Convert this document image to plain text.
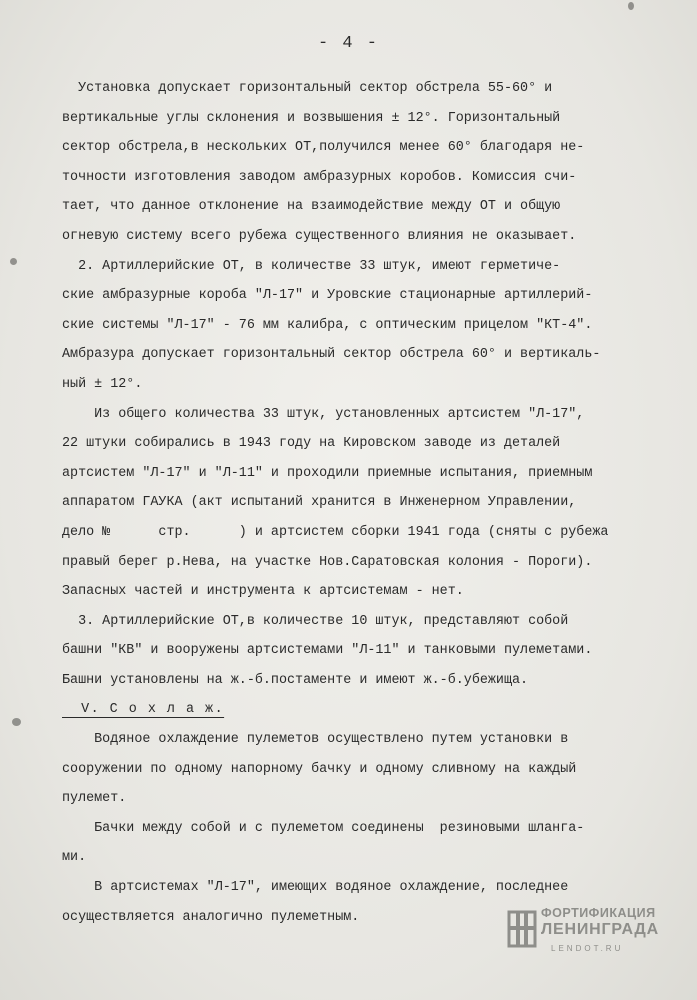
- 4 -
Установка допускает горизонтальный сектор обстрела 55-60° и
вертикальные углы склонения и возвышения ± 12°. Горизонтальный
сектор обстрела,в нескольких ОТ,получился менее 60° благодаря не-
точности изготовления заводом амбразурных коробов. Комиссия счи-
тает, что данное отклонение на взаимодействие между ОТ и общую
огневую систему всего рубежа существенного влияния не оказывает.
2. Артиллерийские ОТ, в количестве 33 штук, имеют герметиче-
ские амбразурные короба "Л-17" и Уровские стационарные артиллерий-
ские системы "Л-17" - 76 мм калибра, с оптическим прицелом "КТ-4".
Амбразура допускает горизонтальный сектор обстрела 60° и вертикаль-
ный ± 12°.
Из общего количества 33 штук, установленных артсистем "Л-17",
22 штуки собирались в 1943 году на Кировском заводе из деталей
артсистем "Л-17" и "Л-11" и проходили приемные испытания, приемным
аппаратом ГАУКА (акт испытаний хранится в Инженерном Управлении,
дело №      стр.      ) и артсистем сборки 1941 года (сняты с рубежа
правый берег р.Нева, на участке Нов.Саратовская колония - Пороги).
Запасных частей и инструмента к артсистемам - нет.
3. Артиллерийские ОТ,в количестве 10 штук, представляют собой
башни "КВ" и вооружены артсистемами "Л-11" и танковыми пулеметами.
Башни установлены на ж.-б.постаменте и имеют ж.-б.убежища.
V. С о х л а ж.
Водяное охлаждение пулеметов осуществлено путем установки в
сооружении по одному напорному бачку и одному сливному на каждый
пулемет.
Бачки между собой и с пулеметом соединены  резиновыми шланга-
ми.
В артсистемах "Л-17", имеющих водяное охлаждение, последнее
осуществляется аналогично пулеметным.	ФОРТИФИКАЦИЯ
ЛЕНИНГРАДА
LENDOT.RU
